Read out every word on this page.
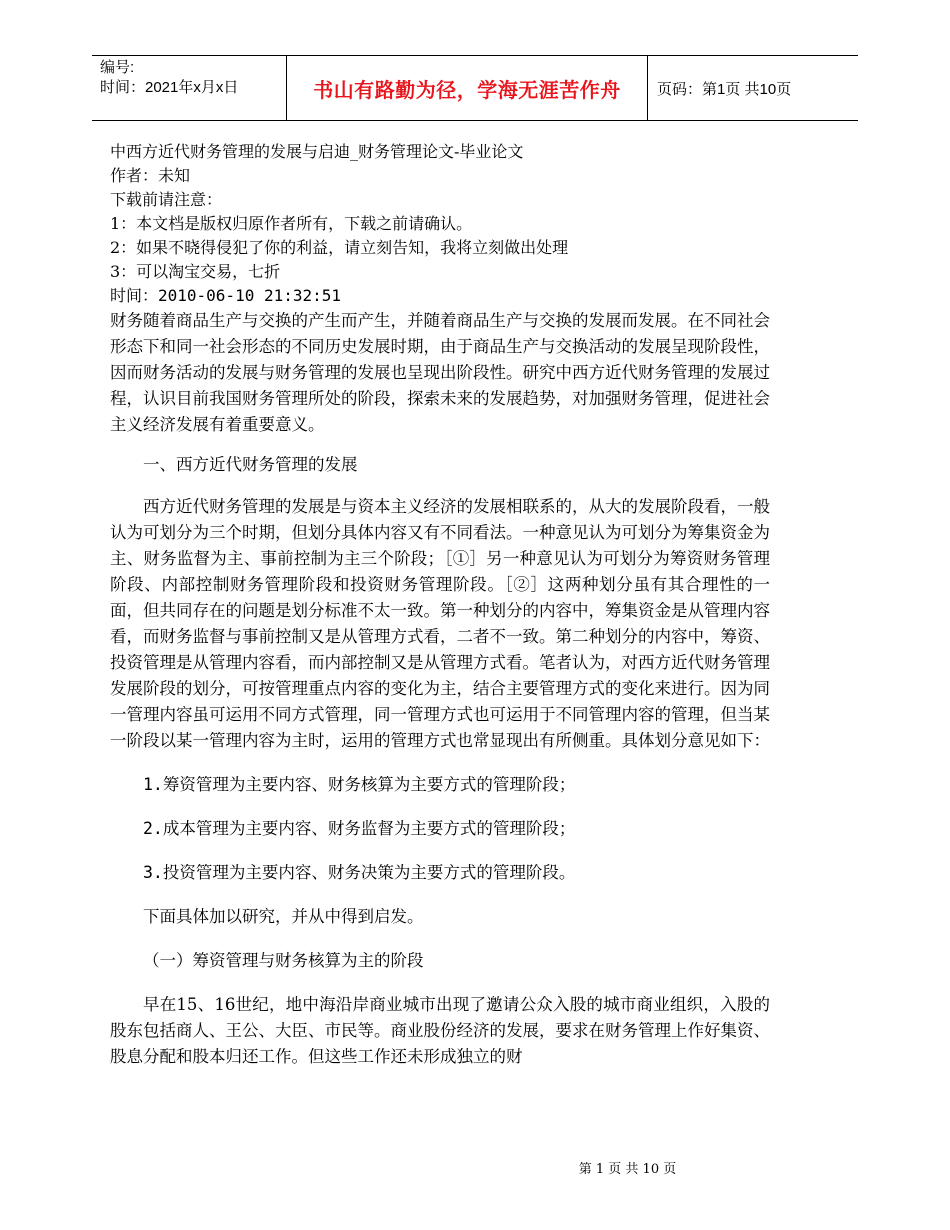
编号:
时间：2021年x月x日	书山有路勤为径，学海无涯苦作舟	页码：第1页 共10页

中西方近代财务管理的发展与启迪_财务管理论文-毕业论文

作者：未知

下载前请注意：

1：本文档是版权归原作者所有，下载之前请确认。

2：如果不晓得侵犯了你的利益，请立刻告知，我将立刻做出处理

3：可以淘宝交易，七折

时间：2010-06-10 21:32:51

财务随着商品生产与交换的产生而产生，并随着商品生产与交换的发展而发展。在不同社会形态下和同一社会形态的不同历史发展时期，由于商品生产与交换活动的发展呈现阶段性，因而财务活动的发展与财务管理的发展也呈现出阶段性。研究中西方近代财务管理的发展过程，认识目前我国财务管理所处的阶段，探索未来的发展趋势，对加强财务管理，促进社会主义经济发展有着重要意义。

一、西方近代财务管理的发展

西方近代财务管理的发展是与资本主义经济的发展相联系的，从大的发展阶段看，一般认为可划分为三个时期，但划分具体内容又有不同看法。一种意见认为可划分为筹集资金为主、财务监督为主、事前控制为主三个阶段；［①］另一种意见认为可划分为筹资财务管理阶段、内部控制财务管理阶段和投资财务管理阶段。［②］这两种划分虽有其合理性的一面，但共同存在的问题是划分标准不太一致。第一种划分的内容中，筹集资金是从管理内容看，而财务监督与事前控制又是从管理方式看，二者不一致。第二种划分的内容中，筹资、投资管理是从管理内容看，而内部控制又是从管理方式看。笔者认为，对西方近代财务管理发展阶段的划分，可按管理重点内容的变化为主，结合主要管理方式的变化来进行。因为同一管理内容虽可运用不同方式管理，同一管理方式也可运用于不同管理内容的管理，但当某一阶段以某一管理内容为主时，运用的管理方式也常显现出有所侧重。具体划分意见如下：

1.筹资管理为主要内容、财务核算为主要方式的管理阶段；

2.成本管理为主要内容、财务监督为主要方式的管理阶段；

3.投资管理为主要内容、财务决策为主要方式的管理阶段。

下面具体加以研究，并从中得到启发。

（一）筹资管理与财务核算为主的阶段

早在15、16世纪，地中海沿岸商业城市出现了邀请公众入股的城市商业组织，入股的股东包括商人、王公、大臣、市民等。商业股份经济的发展，要求在财务管理上作好集资、股息分配和股本归还工作。但这些工作还未形成独立的财

第 1 页 共 10 页
